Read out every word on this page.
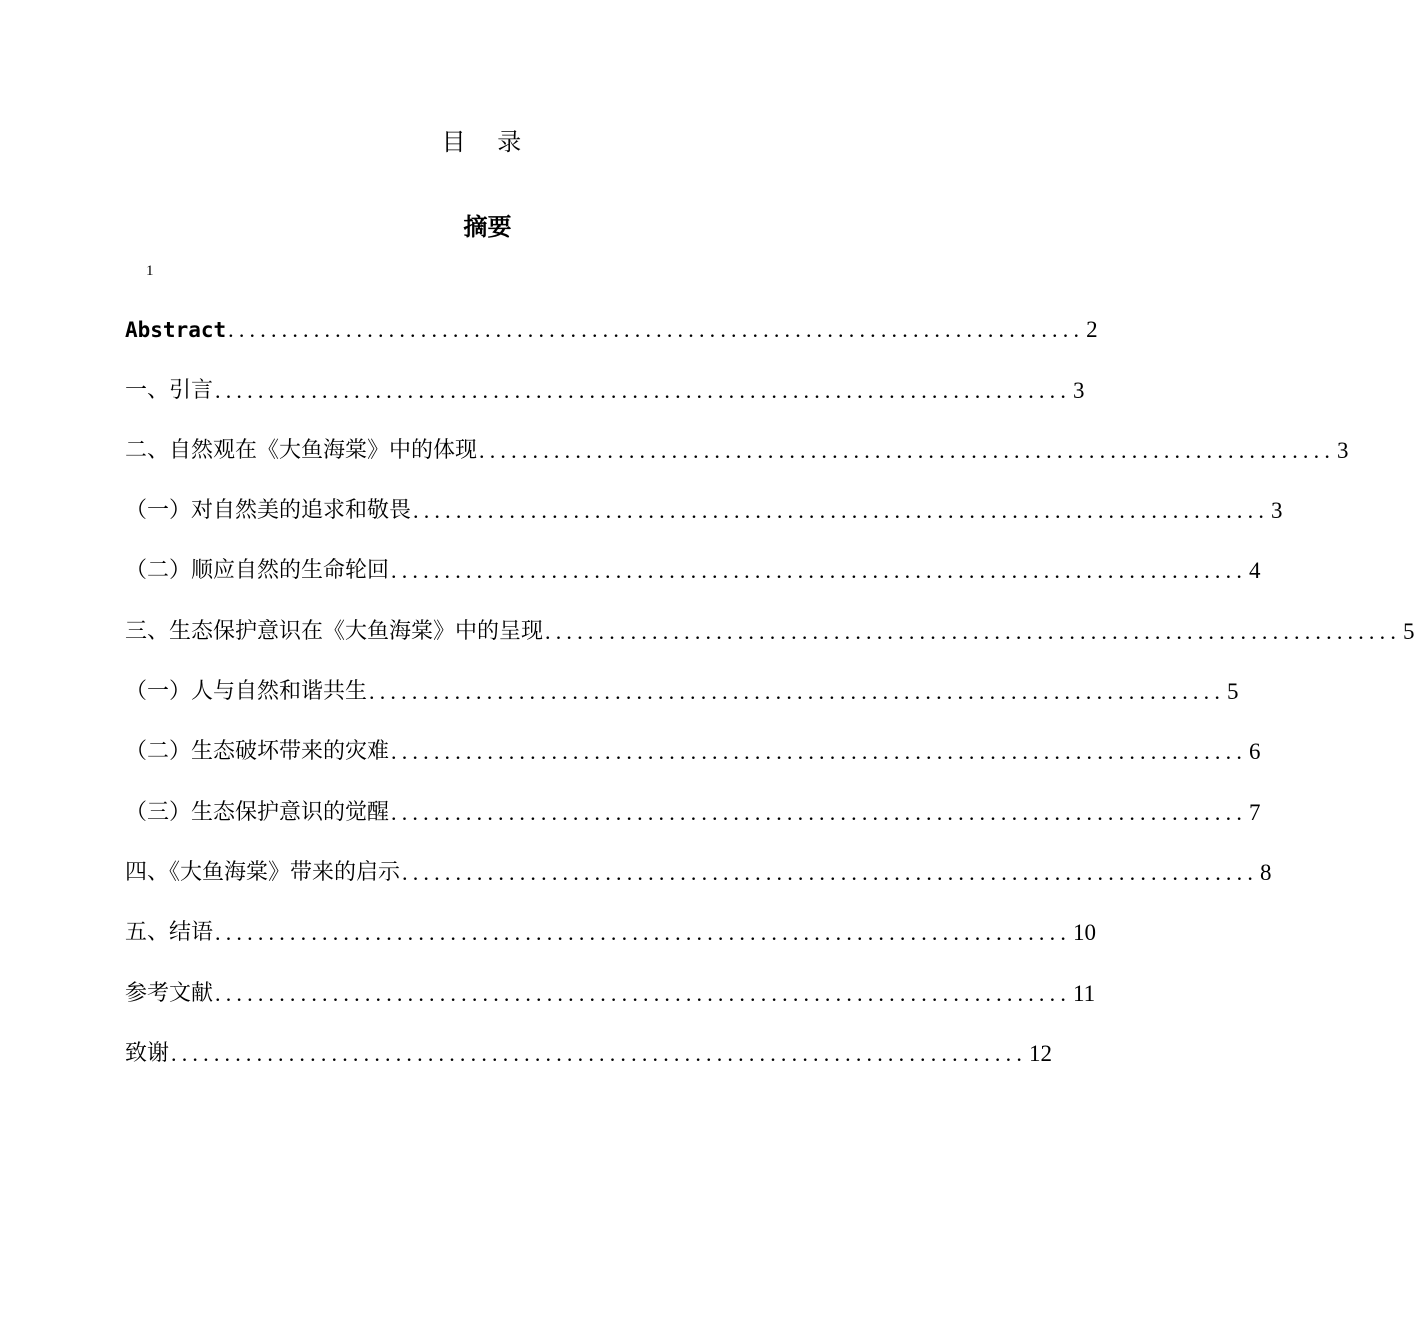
目 录
摘要
1
Abstract ................................................................................ 2
一、引言 ................................................................................ 3
二、自然观在《大鱼海棠》中的体现 ................................................................................ 3
（一）对自然美的追求和敬畏 ................................................................................ 3
（二）顺应自然的生命轮回 ................................................................................ 4
三、生态保护意识在《大鱼海棠》中的呈现 ................................................................................ 5
（一）人与自然和谐共生 ................................................................................ 5
（二）生态破坏带来的灾难 ................................................................................ 6
（三）生态保护意识的觉醒 ................................................................................ 7
四、《大鱼海棠》带来的启示 ................................................................................ 8
五、结语 ................................................................................ 10
参考文献 ................................................................................ 11
致谢 ................................................................................ 12
